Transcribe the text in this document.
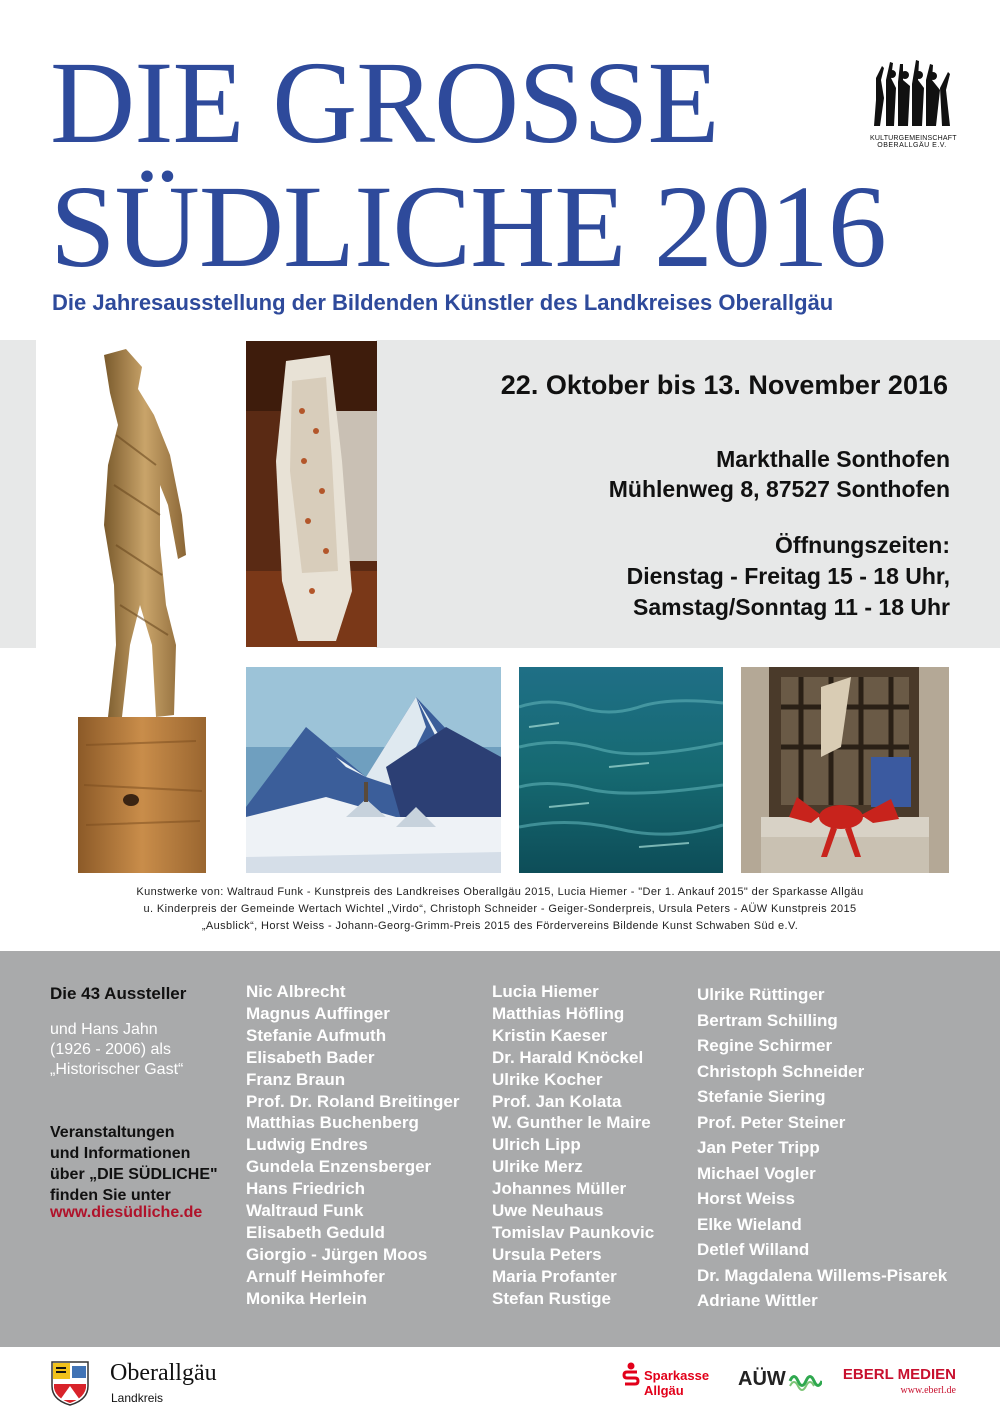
DIE GROSSE
SÜDLICHE 2016
KULTURGEMEINSCHAFT
OBERALLGÄU E.V.
Die Jahresausstellung der Bildenden Künstler des Landkreises Oberallgäu
22. Oktober bis 13. November 2016
Markthalle Sonthofen
Mühlenweg 8, 87527 Sonthofen
Öffnungszeiten:
Dienstag - Freitag 15 - 18 Uhr,
Samstag/Sonntag 11 - 18 Uhr
Kunstwerke von: Waltraud Funk - Kunstpreis des Landkreises Oberallgäu 2015, Lucia Hiemer - "Der 1. Ankauf 2015" der Sparkasse Allgäu
u. Kinderpreis der Gemeinde Wertach Wichtel „Virdo“, Christoph Schneider - Geiger-Sonderpreis, Ursula Peters - AÜW Kunstpreis 2015
„Ausblick“, Horst Weiss - Johann-Georg-Grimm-Preis 2015 des Fördervereins Bildende Kunst Schwaben Süd e.V.
Die 43 Aussteller
und Hans Jahn
(1926 - 2006) als
„Historischer Gast“
Veranstaltungen
und Informationen
über „DIE SÜDLICHE"
finden Sie unter
www.diesüdliche.de
Nic Albrecht
Magnus Auffinger
Stefanie Aufmuth
Elisabeth Bader
Franz Braun
Prof. Dr. Roland Breitinger
Matthias Buchenberg
Ludwig Endres
Gundela Enzensberger
Hans Friedrich
Waltraud Funk
Elisabeth Geduld
Giorgio - Jürgen Moos
Arnulf Heimhofer
Monika Herlein
Lucia Hiemer
Matthias Höfling
Kristin Kaeser
Dr. Harald Knöckel
Ulrike Kocher
Prof. Jan Kolata
W. Gunther le Maire
Ulrich Lipp
Ulrike Merz
Johannes Müller
Uwe Neuhaus
Tomislav Paunkovic
Ursula Peters
Maria Profanter
Stefan Rustige
Ulrike Rüttinger
Bertram Schilling
Regine Schirmer
Christoph Schneider
Stefanie Siering
Prof. Peter Steiner
Jan Peter Tripp
Michael Vogler
Horst Weiss
Elke Wieland
Detlef Willand
Dr. Magdalena Willems-Pisarek
Adriane Wittler
Oberallgäu
Landkreis
Sparkasse
Allgäu
AÜW	EBERL MEDIEN
www.eberl.de
